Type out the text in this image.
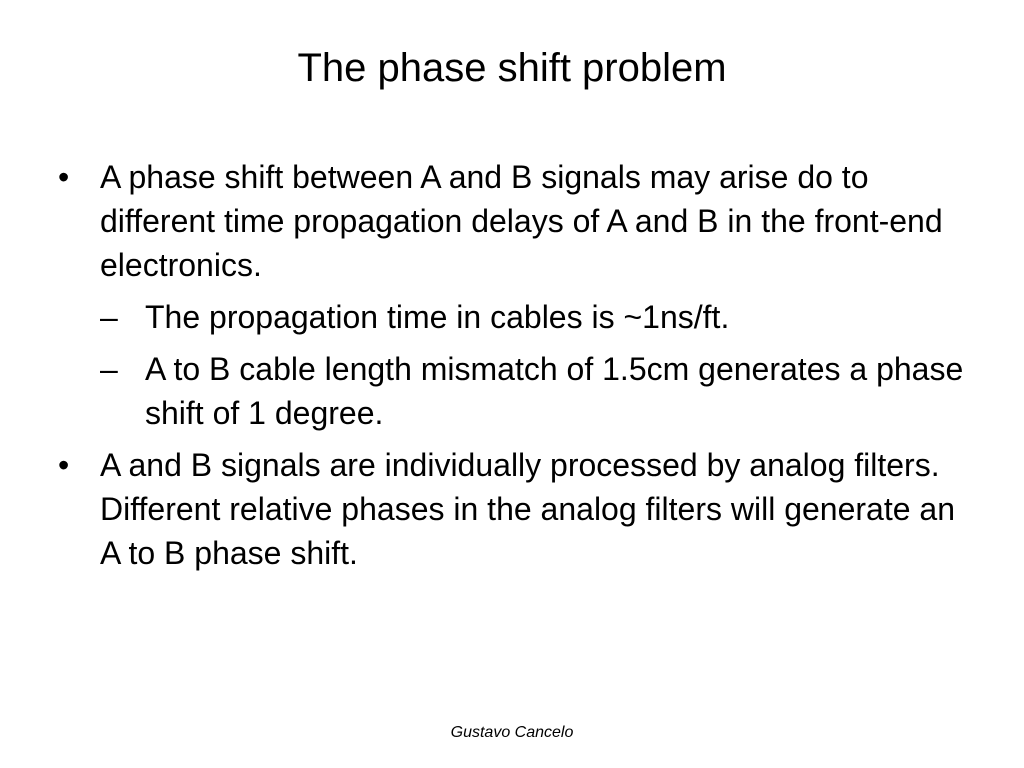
The phase shift problem
• A phase shift between A and B signals may arise do to different time propagation delays of A and B in the front-end electronics.
– The propagation time in cables is ~1ns/ft.
– A to B cable length mismatch of 1.5cm generates a phase shift of 1 degree.
• A and B signals are individually processed by analog filters. Different relative phases in the analog filters will generate an A to B phase shift.
Gustavo Cancelo
